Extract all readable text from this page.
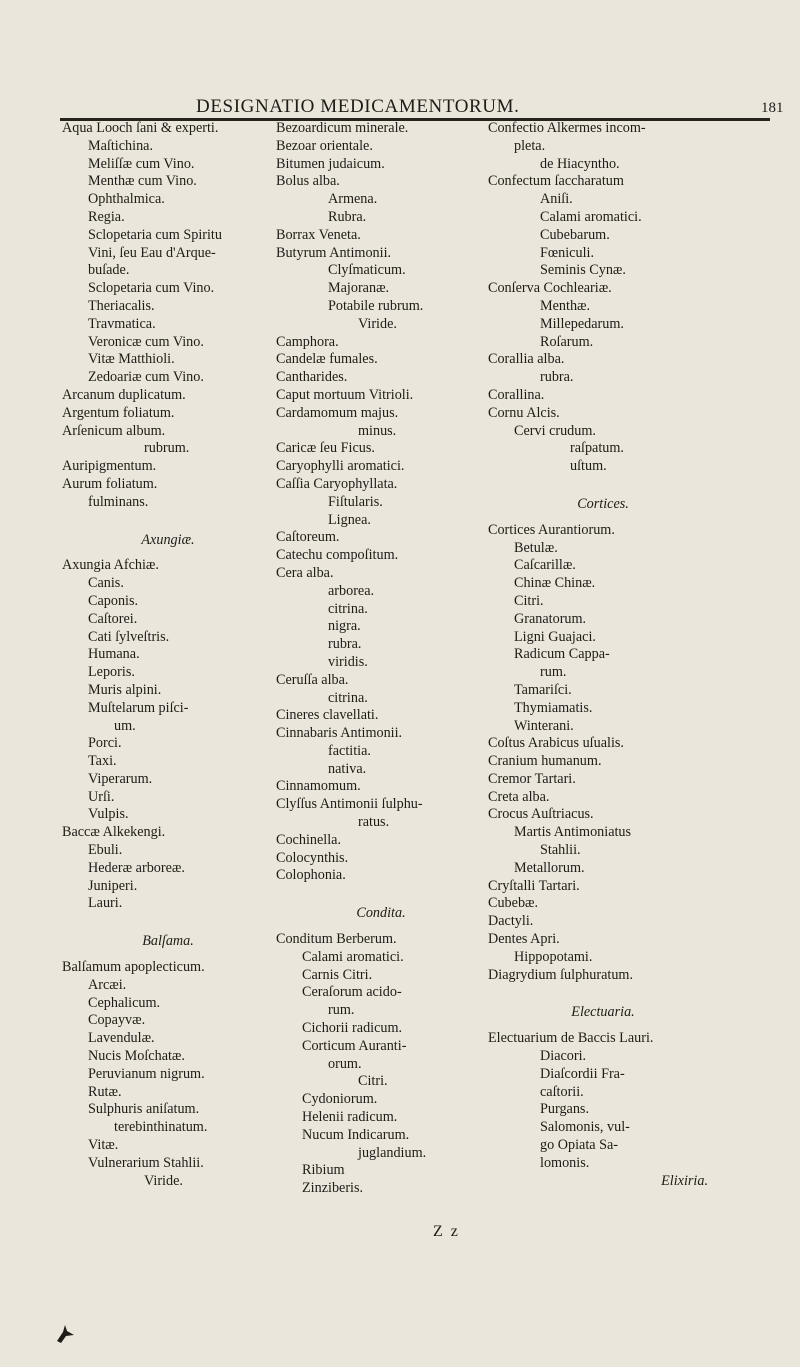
DESIGNATIO MEDICAMENTORUM.	181
Aqua Looch ſani & experti.
Maſtichina.
Meliſſæ cum Vino.
Menthæ cum Vino.
Ophthalmica.
Regia.
Sclopetaria cum Spiritu
Vini, ſeu Eau d'Arque-
buſade.
Sclopetaria cum Vino.
Theriacalis.
Travmatica.
Veronicæ cum Vino.
Vitæ Matthioli.
Zedoariæ cum Vino.
Arcanum duplicatum.
Argentum foliatum.
Arſenicum album.
rubrum.
Auripigmentum.
Aurum foliatum.
fulminans.
Axungiæ.
Axungia Afchiæ.
Canis.
Caponis.
Caſtorei.
Cati ſylveſtris.
Humana.
Leporis.
Muris alpini.
Muſtelarum piſci-
um.
Porci.
Taxi.
Viperarum.
Urſi.
Vulpis.
Baccæ Alkekengi.
Ebuli.
Hederæ arboreæ.
Juniperi.
Lauri.
Balſama.
Balſamum apoplecticum.
Arcæi.
Cephalicum.
Copayvæ.
Lavendulæ.
Nucis Moſchatæ.
Peruvianum nigrum.
Rutæ.
Sulphuris aniſatum.
terebinthinatum.
Vitæ.
Vulnerarium Stahlii.
Viride.
Bezoardicum minerale.
Bezoar orientale.
Bitumen judaicum.
Bolus alba.
Armena.
Rubra.
Borrax Veneta.
Butyrum Antimonii.
Clyſmaticum.
Majoranæ.
Potabile rubrum.
Viride.
Camphora.
Candelæ fumales.
Cantharides.
Caput mortuum Vitrioli.
Cardamomum majus.
minus.
Caricæ ſeu Ficus.
Caryophylli aromatici.
Caſſia Caryophyllata.
Fiſtularis.
Lignea.
Caſtoreum.
Catechu compoſitum.
Cera alba.
arborea.
citrina.
nigra.
rubra.
viridis.
Ceruſſa alba.
citrina.
Cineres clavellati.
Cinnabaris Antimonii.
factitia.
nativa.
Cinnamomum.
Clyſſus Antimonii ſulphu-
ratus.
Cochinella.
Colocynthis.
Colophonia.
Condita.
Conditum Berberum.
Calami aromatici.
Carnis Citri.
Ceraſorum acido-
rum.
Cichorii radicum.
Corticum Auranti-
orum.
Citri.
Cydoniorum.
Helenii radicum.
Nucum Indicarum.
juglandium.
Ribium
Zinziberis.
Confectio Alkermes incom-
pleta.
de Hiacyntho.
Confectum ſaccharatum
Aniſi.
Calami aromatici.
Cubebarum.
Fœniculi.
Seminis Cynæ.
Conſerva Cochleariæ.
Menthæ.
Millepedarum.
Roſarum.
Corallia alba.
rubra.
Corallina.
Cornu Alcis.
Cervi crudum.
raſpatum.
uſtum.
Cortices.
Cortices Aurantiorum.
Betulæ.
Caſcarillæ.
Chinæ Chinæ.
Citri.
Granatorum.
Ligni Guajaci.
Radicum Cappa-
rum.
Tamariſci.
Thymiamatis.
Winterani.
Coſtus Arabicus uſualis.
Cranium humanum.
Cremor Tartari.
Creta alba.
Crocus Auſtriacus.
Martis Antimoniatus
Stahlii.
Metallorum.
Cryſtalli Tartari.
Cubebæ.
Dactyli.
Dentes Apri.
Hippopotami.
Diagrydium ſulphuratum.
Electuaria.
Electuarium de Baccis Lauri.
Diacori.
Diaſcordii Fra-
caſtorii.
Purgans.
Salomonis, vul-
go Opiata Sa-
lomonis.
Elixiria.
Z z
